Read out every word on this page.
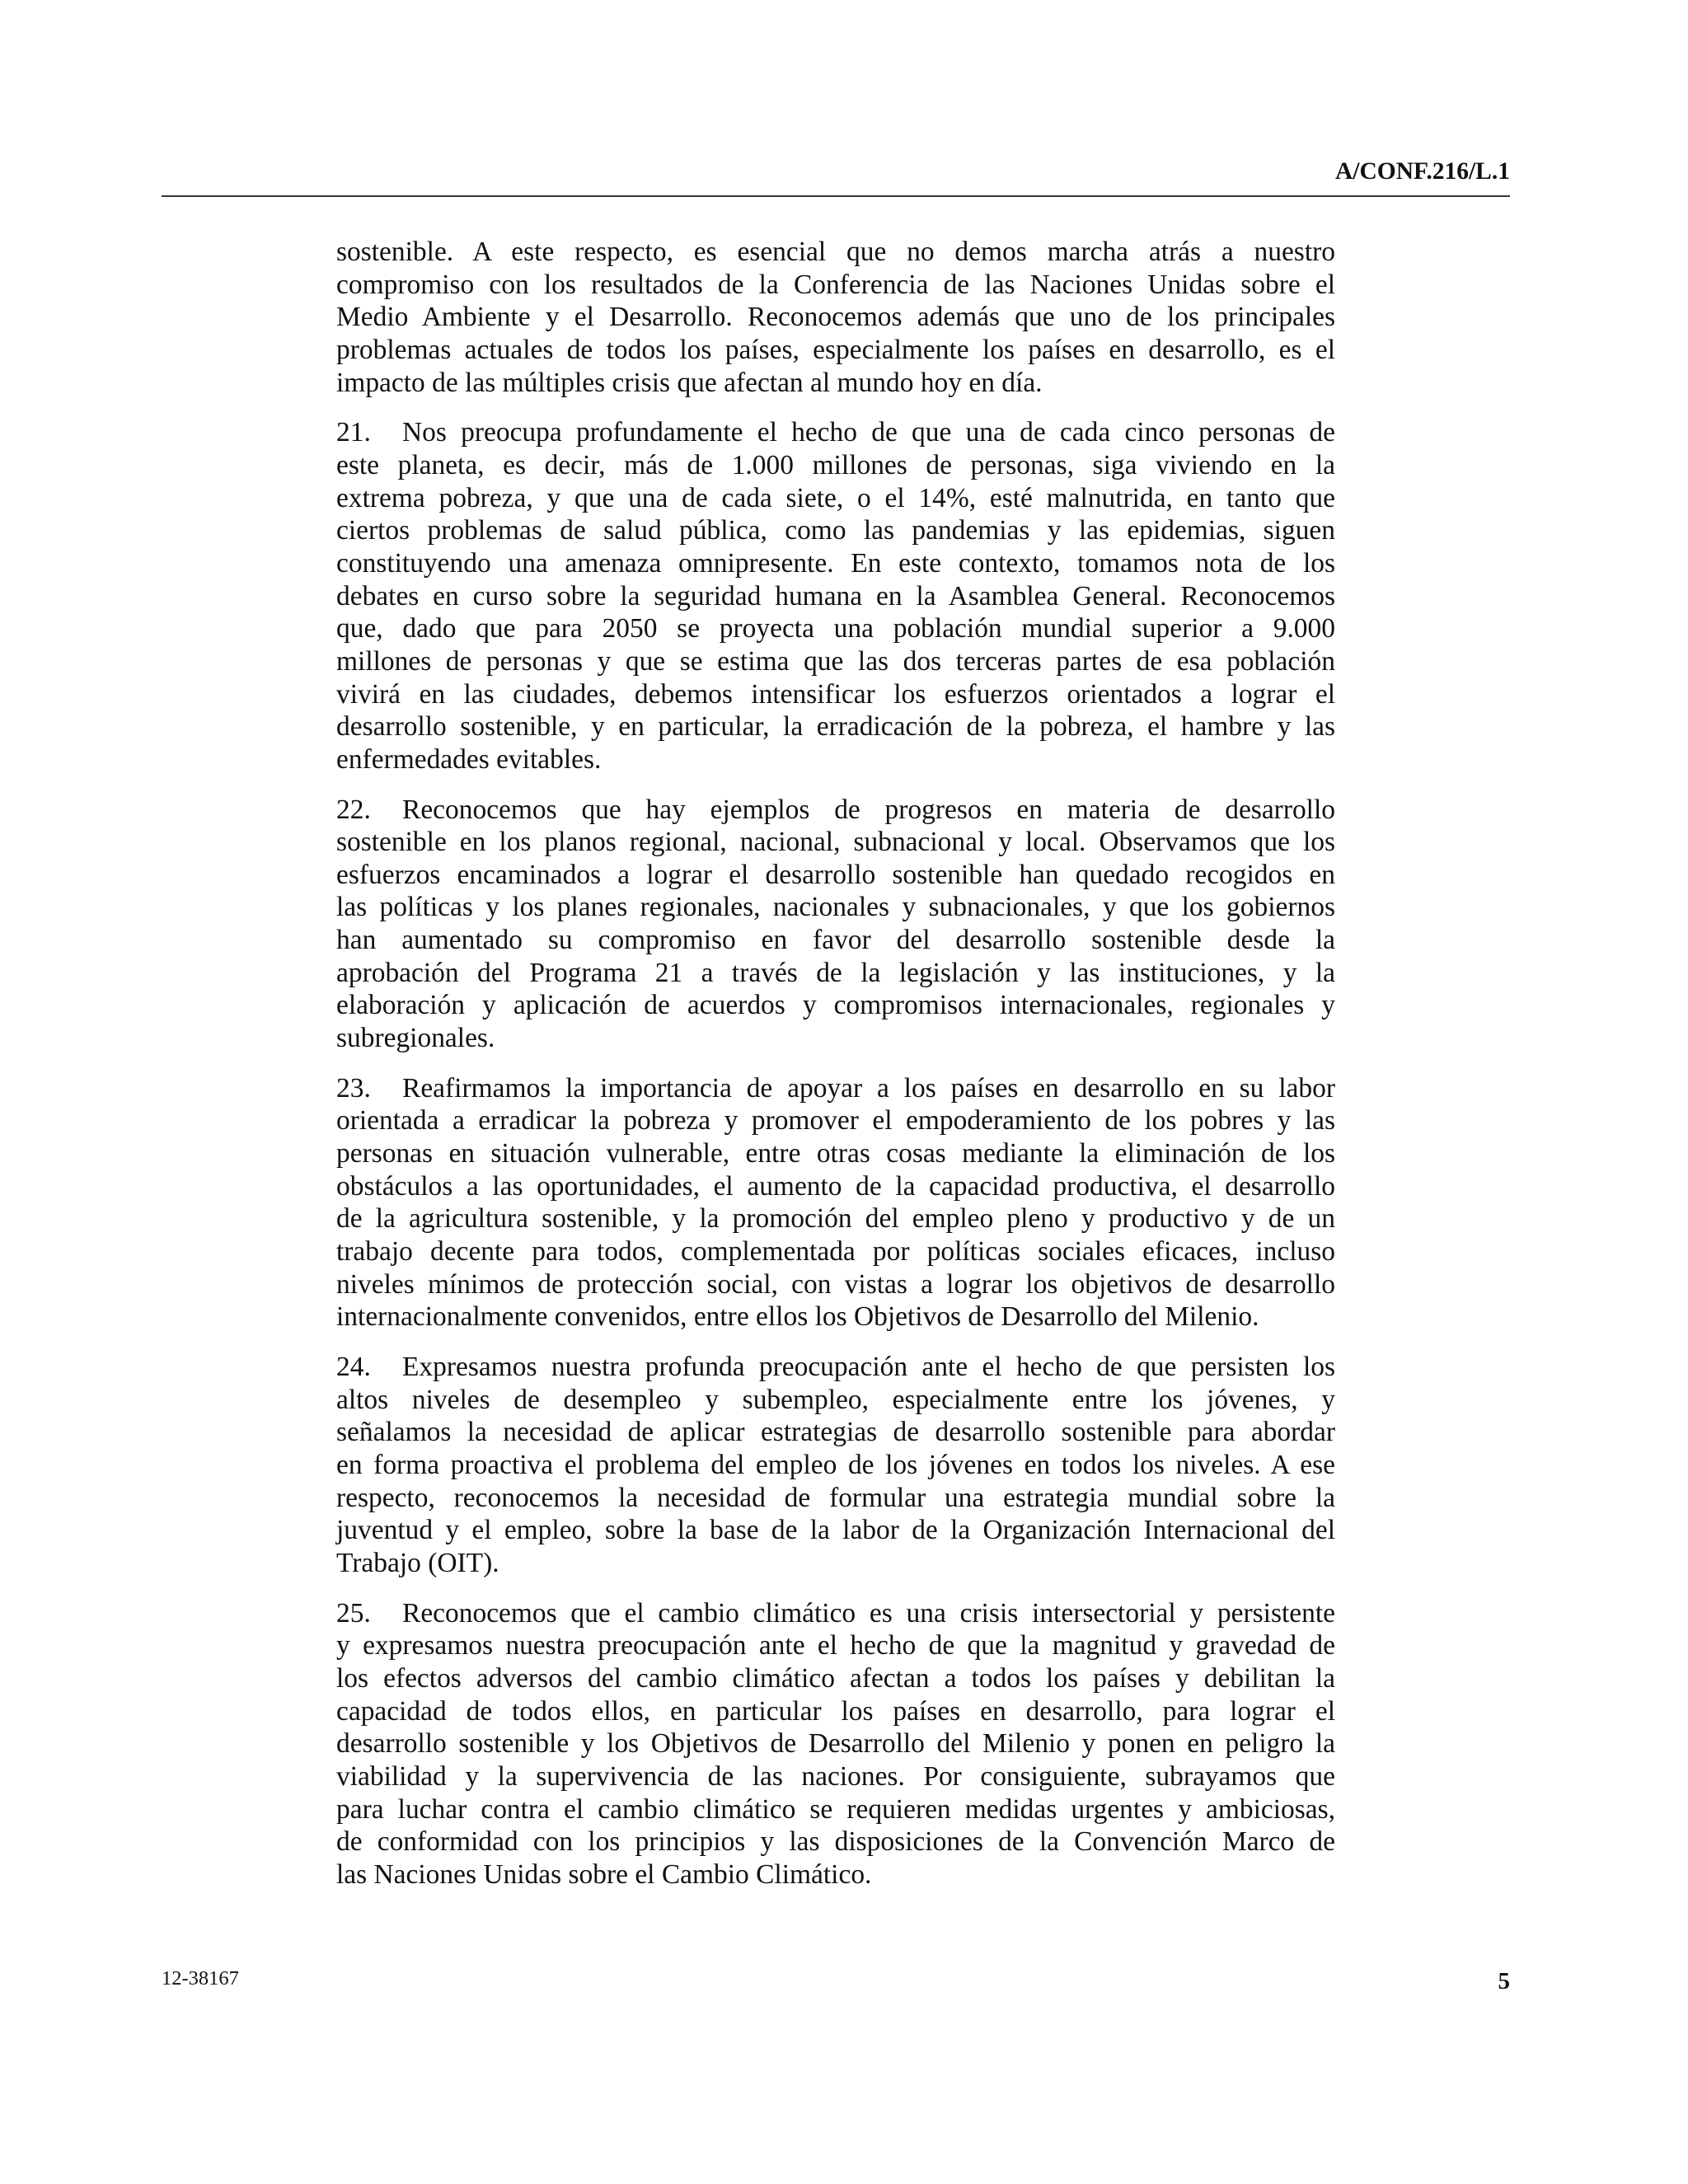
A/CONF.216/L.1

sostenible. A este respecto, es esencial que no demos marcha atrás a nuestro
compromiso con los resultados de la Conferencia de las Naciones Unidas sobre el
Medio Ambiente y el Desarrollo. Reconocemos además que uno de los principales
problemas actuales de todos los países, especialmente los países en desarrollo, es el
impacto de las múltiples crisis que afectan al mundo hoy en día.

21. Nos preocupa profundamente el hecho de que una de cada cinco personas de
este planeta, es decir, más de 1.000 millones de personas, siga viviendo en la
extrema pobreza, y que una de cada siete, o el 14%, esté malnutrida, en tanto que
ciertos problemas de salud pública, como las pandemias y las epidemias, siguen
constituyendo una amenaza omnipresente. En este contexto, tomamos nota de los
debates en curso sobre la seguridad humana en la Asamblea General. Reconocemos
que, dado que para 2050 se proyecta una población mundial superior a 9.000
millones de personas y que se estima que las dos terceras partes de esa población
vivirá en las ciudades, debemos intensificar los esfuerzos orientados a lograr el
desarrollo sostenible, y en particular, la erradicación de la pobreza, el hambre y las
enfermedades evitables.

22. Reconocemos que hay ejemplos de progresos en materia de desarrollo
sostenible en los planos regional, nacional, subnacional y local. Observamos que los
esfuerzos encaminados a lograr el desarrollo sostenible han quedado recogidos en
las políticas y los planes regionales, nacionales y subnacionales, y que los gobiernos
han aumentado su compromiso en favor del desarrollo sostenible desde la
aprobación del Programa 21 a través de la legislación y las instituciones, y la
elaboración y aplicación de acuerdos y compromisos internacionales, regionales y
subregionales.

23. Reafirmamos la importancia de apoyar a los países en desarrollo en su labor
orientada a erradicar la pobreza y promover el empoderamiento de los pobres y las
personas en situación vulnerable, entre otras cosas mediante la eliminación de los
obstáculos a las oportunidades, el aumento de la capacidad productiva, el desarrollo
de la agricultura sostenible, y la promoción del empleo pleno y productivo y de un
trabajo decente para todos, complementada por políticas sociales eficaces, incluso
niveles mínimos de protección social, con vistas a lograr los objetivos de desarrollo
internacionalmente convenidos, entre ellos los Objetivos de Desarrollo del Milenio.

24. Expresamos nuestra profunda preocupación ante el hecho de que persisten los
altos niveles de desempleo y subempleo, especialmente entre los jóvenes, y
señalamos la necesidad de aplicar estrategias de desarrollo sostenible para abordar
en forma proactiva el problema del empleo de los jóvenes en todos los niveles. A ese
respecto, reconocemos la necesidad de formular una estrategia mundial sobre la
juventud y el empleo, sobre la base de la labor de la Organización Internacional del
Trabajo (OIT).

25. Reconocemos que el cambio climático es una crisis intersectorial y persistente
y expresamos nuestra preocupación ante el hecho de que la magnitud y gravedad de
los efectos adversos del cambio climático afectan a todos los países y debilitan la
capacidad de todos ellos, en particular los países en desarrollo, para lograr el
desarrollo sostenible y los Objetivos de Desarrollo del Milenio y ponen en peligro la
viabilidad y la supervivencia de las naciones. Por consiguiente, subrayamos que
para luchar contra el cambio climático se requieren medidas urgentes y ambiciosas,
de conformidad con los principios y las disposiciones de la Convención Marco de
las Naciones Unidas sobre el Cambio Climático.

12-38167	5
